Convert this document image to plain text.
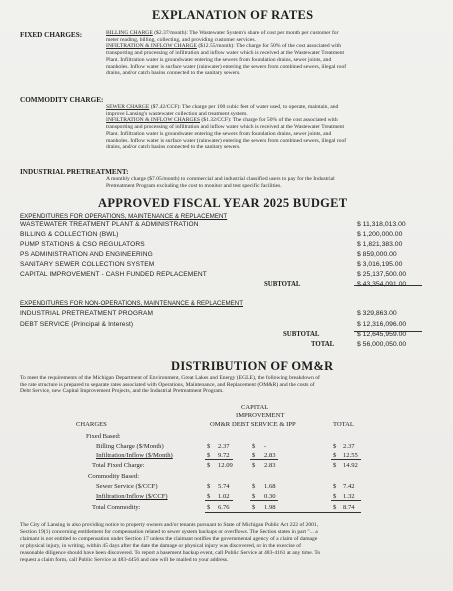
EXPLANATION OF RATES
FIXED CHARGES:	BILLING CHARGE ($2.37/month): The Wastewater System's share of cost per month per customer for
meter reading, billing, collecting, and providing customer services.
INFILTRATION & INFLOW CHARGE ($12.55/month): The charge for 50% of the cost associated with
transporting and processing of infiltration and inflow water which is received at the Wastewater Treatment
Plant. Infiltration water is groundwater entering the sewers from foundation drains, sewer joints, and
manholes. Inflow water is surface water (rainwater) entering the sewers from combined sewers, illegal roof
drains, and/or catch basins connected to the sanitary sewers.
COMMODITY CHARGE:
SEWER CHARGE ($7.42/CCF): The charge per 100 cubic feet of water used, to operate, maintain, and
improve Lansing's wastewater collection and treatment system.
INFILTRATION & INFLOW CHARGES ($1.32/CCF): The charge for 50% of the cost associated with
transporting and processing of infiltration and inflow water which is received at the Wastewater Treatment
Plant. Infiltration water is groundwater entering the sewers from foundation drains, sewer joints, and
manholes. Inflow water is surface water (rainwater) entering the sewers from combined sewers, illegal roof
drains, and/or catch basins connected to the sanitary sewers.
INDUSTRIAL PRETREATMENT:
A monthly charge ($7.05/month) to commercial and industrial classified users to pay for the Industrial
Pretreatment Program excluding the cost to monitor and test specific facilities.
APPROVED FISCAL YEAR 2025 BUDGET
EXPENDITURES FOR OPERATIONS, MAINTENANCE & REPLACEMENT
WASTEWATER TREATMENT PLANT & ADMINISTRATION	$ 11,318,013.00
BILLING & COLLECTION (BWL)	$ 1,200,000.00
PUMP STATIONS & CSO REGULATORS	$ 1,821,383.00
PS ADMINISTRATION AND ENGINEERING	$ 859,000.00
SANITARY SEWER COLLECTION SYSTEM	$ 3,016,195.00
CAPITAL IMPROVEMENT - CASH FUNDED REPLACEMENT	$ 25,137,500.00
SUBTOTAL	$ 43,354,091.00
EXPENDITURES FOR NON-OPERATIONS, MAINTENANCE & REPLACEMENT
INDUSTRIAL PRETREATMENT PROGRAM	$ 329,863.00
DEBT SERVICE (Principal & Interest)	$ 12,316,096.00
SUBTOTAL	$ 12,645,959.00
TOTAL	$ 56,000,050.00
DISTRIBUTION OF OM&R
To meet the requirements of the Michigan Department of Environment, Great Lakes and Energy (EGLE), the following breakdown of
the rate structure is prepared to separate rates associated with Operations, Maintenance, and Replacement (OM&R) and the costs of
Debt Service, new Capital Improvement Projects, and the Industrial Pretreatment Program.
CAPITAL
IMPROVEMENT
CHARGES	OM&R DEBT SERVICE & IPP	TOTAL
Fixed Based:
Billing Charge ($/Month)	$ 2.37	$ -	$ 2.37
Infiltration/Inflow ($/Month)	$ 9.72	$ 2.83	$ 12.55
Total Fixed Charge:	$ 12.09	$ 2.83	$ 14.92
Commodity Based:
Sewer Service ($/CCF)	$ 5.74	$ 1.68	$ 7.42
Infiltration/Inflow ($/CCF)	$ 1.02	$ 0.30	$ 1.32
Total Commodity:	$ 6.76	$ 1.98	$ 8.74
The City of Lansing is also providing notice to property owners and/or tenants pursuant to State of Michigan Public Act 222 of 2001,
Section 19(1) concerning entitlement for compensation related to sewer system backups or overflows. The Section states in part "... a
claimant is not entitled to compensation under Section 17 unless the claimant notifies the governmental agency of a claim of damage
or physical injury, in writing, within 45 days after the date the damage or physical injury was discovered, or in the exercise of
reasonable diligence should have been discovered. To report a basement backup event, call Public Service at 483-4161 at any time. To
request a claim form, call Public Service at 483-4456 and one will be mailed to your address.
